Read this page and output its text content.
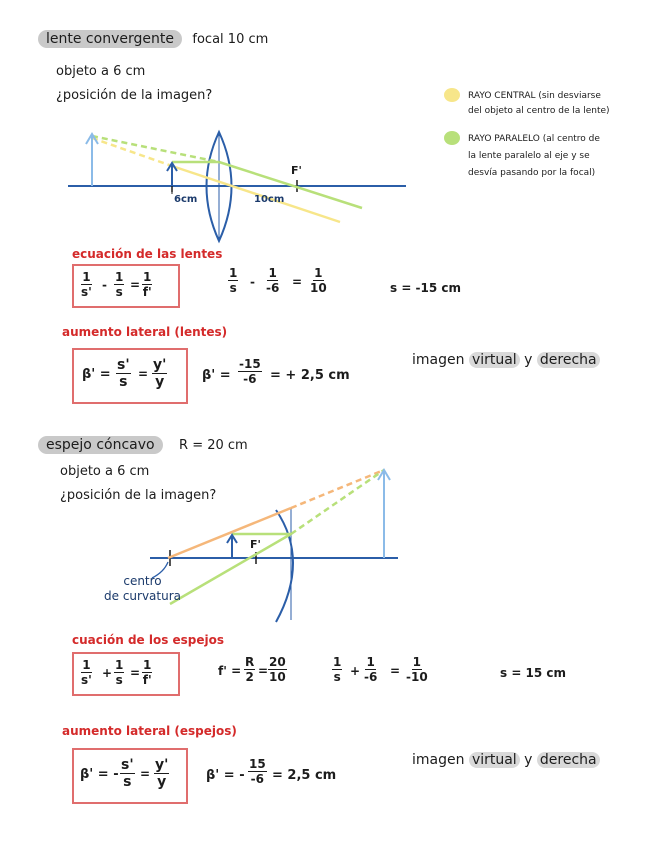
lente convergente focal 10 cm
objeto a 6 cm
¿posición de la imagen?
F'
6cm	10cm
RAYO CENTRAL (sin desviarse
del objeto al centro de la lente)
RAYO PARALELO (al centro de
la lente paralelo al eje y se
desvía pasando por la focal)
ecuación de las lentes
$\frac{1}{s'} - \frac{1}{s} = \frac{1}{f'}$	$\frac{1}{s} - \frac{1}{-6} = \frac{1}{10}$	s = -15 cm
aumento lateral (lentes)
$\beta' = \frac{s'}{s} = \frac{y'}{y}$	$\beta' = \frac{-15}{-6}$ = + 2,5 cm
imagen virtual y derecha
espejo cóncavo R = 20 cm
objeto a 6 cm
¿posición de la imagen?
F'
centro
de curvatura
cuación de los espejos
$\frac{1}{s'} + \frac{1}{s} = \frac{1}{f'}$	$f' = \frac{R}{2} = \frac{20}{10}$	$\frac{1}{s} + \frac{1}{-6} = \frac{1}{-10}$	s = 15 cm
aumento lateral (espejos)
β' = - $\frac{s'}{s} = \frac{y'}{y}$	β' = - $\frac{15}{-6} = 2,5$ cm
imagen virtual y derecha
